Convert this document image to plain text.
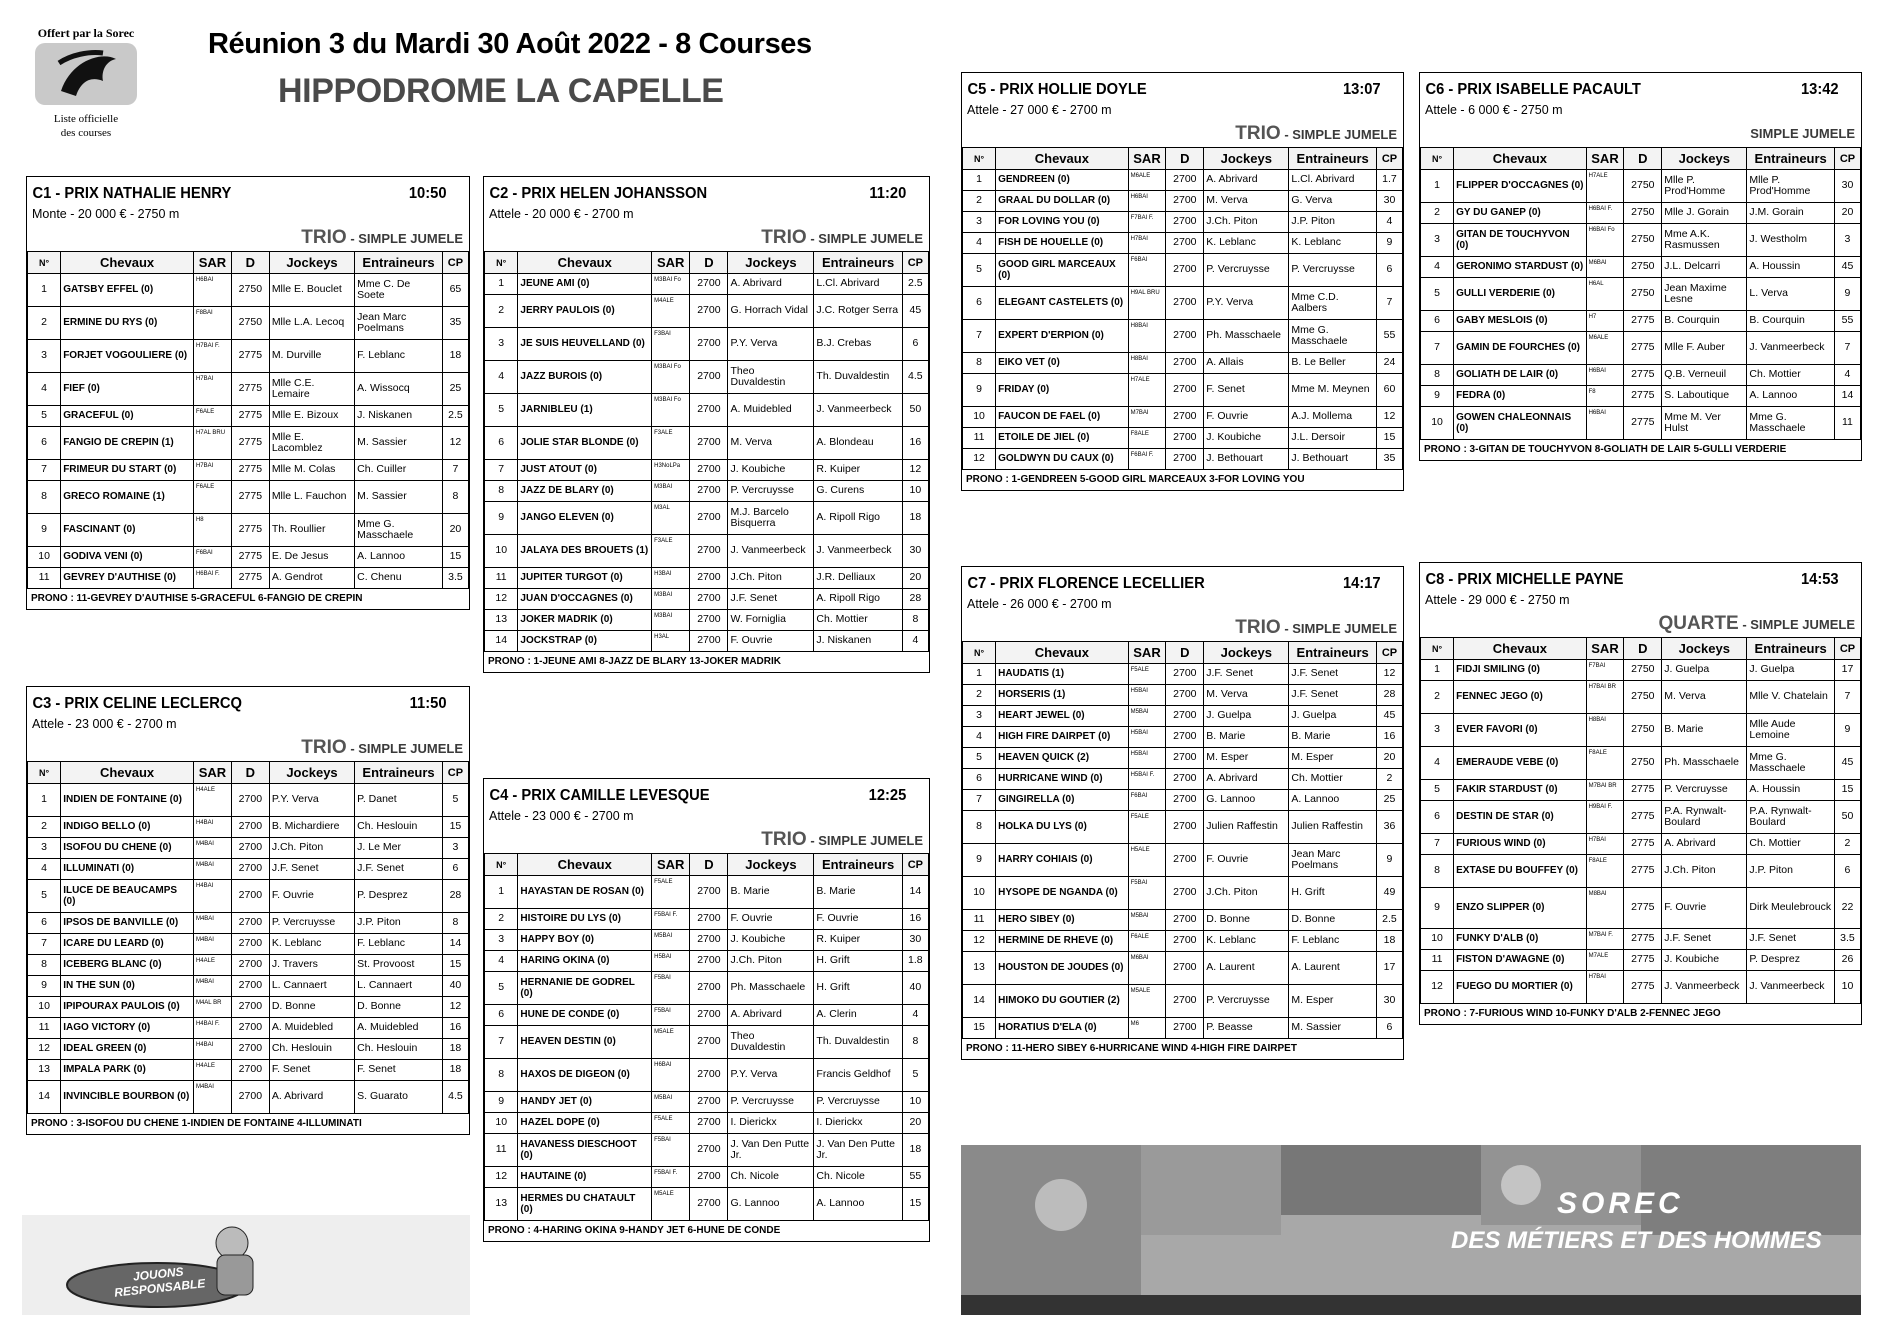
Offert par la Sorec
Liste officielle
des courses
Réunion 3 du Mardi 30 Août 2022 - 8 Courses
HIPPODROME LA CAPELLE
C1 - PRIX NATHALIE HENRY	10:50
Monte - 20 000 € - 2750 m
TRIO - SIMPLE JUMELE
N°	Chevaux	SAR	D	Jockeys	Entraineurs	CP
1	GATSBY EFFEL (0)	H6BAI	2750	Mlle E. Bouclet	Mme C. De Soete	65
2	ERMINE DU RYS (0)	F8BAI	2750	Mlle L.A. Lecoq	Jean Marc Poelmans	35
3	FORJET VOGOULIERE (0)	H7BAI F.	2775	M. Durville	F. Leblanc	18
4	FIEF (0)	H7BAI	2775	Mlle C.E. Lemaire	A. Wissocq	25
5	GRACEFUL (0)	F6ALE	2775	Mlle E. Bizoux	J. Niskanen	2.5
6	FANGIO DE CREPIN (1)	H7AL BRU	2775	Mlle E. Lacomblez	M. Sassier	12
7	FRIMEUR DU START (0)	H7BAI	2775	Mlle M. Colas	Ch. Cuiller	7
8	GRECO ROMAINE (1)	F6ALE	2775	Mlle L. Fauchon	M. Sassier	8
9	FASCINANT (0)	H8	2775	Th. Roullier	Mme G. Masschaele	20
10	GODIVA VENI (0)	F6BAI	2775	E. De Jesus	A. Lannoo	15
11	GEVREY D'AUTHISE (0)	H6BAI F.	2775	A. Gendrot	C. Chenu	3.5
PRONO : 11-GEVREY D'AUTHISE 5-GRACEFUL 6-FANGIO DE CREPIN
C2 - PRIX HELEN JOHANSSON	11:20
Attele - 20 000 € - 2700 m
TRIO - SIMPLE JUMELE
N°	Chevaux	SAR	D	Jockeys	Entraineurs	CP
1	JEUNE AMI (0)	M3BAI Fo	2700	A. Abrivard	L.Cl. Abrivard	2.5
2	JERRY PAULOIS (0)	M4ALE	2700	G. Horrach Vidal	J.C. Rotger Serra	45
3	JE SUIS HEUVELLAND (0)	F3BAI	2700	P.Y. Verva	B.J. Crebas	6
4	JAZZ BUROIS (0)	M3BAI Fo	2700	Theo Duvaldestin	Th. Duvaldestin	4.5
5	JARNIBLEU (1)	M3BAI Fo	2700	A. Muidebled	J. Vanmeerbeck	50
6	JOLIE STAR BLONDE (0)	F3ALE	2700	M. Verva	A. Blondeau	16
7	JUST ATOUT (0)	H3NoLPa	2700	J. Koubiche	R. Kuiper	12
8	JAZZ DE BLARY (0)	M3BAI	2700	P. Vercruysse	G. Curens	10
9	JANGO ELEVEN (0)	M3AL	2700	M.J. Barcelo Bisquerra	A. Ripoll Rigo	18
10	JALAYA DES BROUETS (1)	F3ALE	2700	J. Vanmeerbeck	J. Vanmeerbeck	30
11	JUPITER TURGOT (0)	H3BAI	2700	J.Ch. Piton	J.R. Delliaux	20
12	JUAN D'OCCAGNES (0)	M3BAI	2700	J.F. Senet	A. Ripoll Rigo	28
13	JOKER MADRIK (0)	M3BAI	2700	W. Forniglia	Ch. Mottier	8
14	JOCKSTRAP (0)	H3AL	2700	F. Ouvrie	J. Niskanen	4
PRONO : 1-JEUNE AMI 8-JAZZ DE BLARY 13-JOKER MADRIK
C3 - PRIX CELINE LECLERCQ	11:50
Attele - 23 000 € - 2700 m
TRIO - SIMPLE JUMELE
N°	Chevaux	SAR	D	Jockeys	Entraineurs	CP
1	INDIEN DE FONTAINE (0)	H4ALE	2700	P.Y. Verva	P. Danet	5
2	INDIGO BELLO (0)	H4BAI	2700	B. Michardiere	Ch. Heslouin	15
3	ISOFOU DU CHENE (0)	M4BAI	2700	J.Ch. Piton	J. Le Mer	3
4	ILLUMINATI (0)	M4BAI	2700	J.F. Senet	J.F. Senet	6
5	ILUCE DE BEAUCAMPS (0)	H4BAI	2700	F. Ouvrie	P. Desprez	28
6	IPSOS DE BANVILLE (0)	M4BAI	2700	P. Vercruysse	J.P. Piton	8
7	ICARE DU LEARD (0)	M4BAI	2700	K. Leblanc	F. Leblanc	14
8	ICEBERG BLANC (0)	H4ALE	2700	J. Travers	St. Provoost	15
9	IN THE SUN (0)	M4BAI	2700	L. Cannaert	L. Cannaert	40
10	IPIPOURAX PAULOIS (0)	M4AL BR	2700	D. Bonne	D. Bonne	12
11	IAGO VICTORY (0)	H4BAI F.	2700	A. Muidebled	A. Muidebled	16
12	IDEAL GREEN (0)	H4BAI	2700	Ch. Heslouin	Ch. Heslouin	18
13	IMPALA PARK (0)	H4ALE	2700	F. Senet	F. Senet	18
14	INVINCIBLE BOURBON (0)	M4BAI	2700	A. Abrivard	S. Guarato	4.5
PRONO : 3-ISOFOU DU CHENE 1-INDIEN DE FONTAINE 4-ILLUMINATI
C4 - PRIX CAMILLE LEVESQUE	12:25
Attele - 23 000 € - 2700 m
TRIO - SIMPLE JUMELE
N°	Chevaux	SAR	D	Jockeys	Entraineurs	CP
1	HAYASTAN DE ROSAN (0)	F5ALE	2700	B. Marie	B. Marie	14
2	HISTOIRE DU LYS (0)	F5BAI F.	2700	F. Ouvrie	F. Ouvrie	16
3	HAPPY BOY (0)	M5BAI	2700	J. Koubiche	R. Kuiper	30
4	HARING OKINA (0)	H5BAI	2700	J.Ch. Piton	H. Grift	1.8
5	HERNANIE DE GODREL (0)	F5BAI	2700	Ph. Masschaele	H. Grift	40
6	HUNE DE CONDE (0)	F5BAI	2700	A. Abrivard	A. Clerin	4
7	HEAVEN DESTIN (0)	M5ALE	2700	Theo Duvaldestin	Th. Duvaldestin	8
8	HAXOS DE DIGEON (0)	H6BAI	2700	P.Y. Verva	Francis Geldhof	5
9	HANDY JET (0)	M5BAI	2700	P. Vercruysse	P. Vercruysse	10
10	HAZEL DOPE (0)	F5ALE	2700	I. Dierickx	I. Dierickx	20
11	HAVANESS DIESCHOOT (0)	F5BAI	2700	J. Van Den Putte Jr.	J. Van Den Putte Jr.	18
12	HAUTAINE (0)	F5BAI F.	2700	Ch. Nicole	Ch. Nicole	55
13	HERMES DU CHATAULT (0)	M5ALE	2700	G. Lannoo	A. Lannoo	15
PRONO : 4-HARING OKINA 9-HANDY JET 6-HUNE DE CONDE
C5 - PRIX HOLLIE DOYLE	13:07
Attele - 27 000 € - 2700 m
TRIO - SIMPLE JUMELE
N°	Chevaux	SAR	D	Jockeys	Entraineurs	CP
1	GENDREEN (0)	M6ALE	2700	A. Abrivard	L.Cl. Abrivard	1.7
2	GRAAL DU DOLLAR (0)	H6BAI	2700	M. Verva	G. Verva	30
3	FOR LOVING YOU (0)	F7BAI F.	2700	J.Ch. Piton	J.P. Piton	4
4	FISH DE HOUELLE (0)	H7BAI	2700	K. Leblanc	K. Leblanc	9
5	GOOD GIRL MARCEAUX (0)	F6BAI	2700	P. Vercruysse	P. Vercruysse	6
6	ELEGANT CASTELETS (0)	H9AL BRU	2700	P.Y. Verva	Mme C.D. Aalbers	7
7	EXPERT D'ERPION (0)	H8BAI	2700	Ph. Masschaele	Mme G. Masschaele	55
8	EIKO VET (0)	H8BAI	2700	A. Allais	B. Le Beller	24
9	FRIDAY (0)	H7ALE	2700	F. Senet	Mme M. Meynen	60
10	FAUCON DE FAEL (0)	M7BAI	2700	F. Ouvrie	A.J. Mollema	12
11	ETOILE DE JIEL (0)	F8ALE	2700	J. Koubiche	J.L. Dersoir	15
12	GOLDWYN DU CAUX (0)	F6BAI F.	2700	J. Bethouart	J. Bethouart	35
PRONO : 1-GENDREEN 5-GOOD GIRL MARCEAUX 3-FOR LOVING YOU
C6 - PRIX ISABELLE PACAULT	13:42
Attele - 6 000 € - 2750 m
SIMPLE JUMELE
N°	Chevaux	SAR	D	Jockeys	Entraineurs	CP
1	FLIPPER D'OCCAGNES (0)	H7ALE	2750	Mlle P. Prod'Homme	Mlle P. Prod'Homme	30
2	GY DU GANEP (0)	H6BAI F.	2750	Mlle J. Gorain	J.M. Gorain	20
3	GITAN DE TOUCHYVON (0)	H6BAI Fo	2750	Mme A.K. Rasmussen	J. Westholm	3
4	GERONIMO STARDUST (0)	M6BAI	2750	J.L. Delcarri	A. Houssin	45
5	GULLI VERDERIE (0)	H6AL	2750	Jean Maxime Lesne	L. Verva	9
6	GABY MESLOIS (0)	H7	2775	B. Courquin	B. Courquin	55
7	GAMIN DE FOURCHES (0)	M6ALE	2775	Mlle F. Auber	J. Vanmeerbeck	7
8	GOLIATH DE LAIR (0)	H6BAI	2775	Q.B. Verneuil	Ch. Mottier	4
9	FEDRA (0)	F8	2775	S. Laboutique	A. Lannoo	14
10	GOWEN CHALEONNAIS (0)	H6BAI	2775	Mme M. Ver Hulst	Mme G. Masschaele	11
PRONO : 3-GITAN DE TOUCHYVON 8-GOLIATH DE LAIR 5-GULLI VERDERIE
C7 - PRIX FLORENCE LECELLIER	14:17
Attele - 26 000 € - 2700 m
TRIO - SIMPLE JUMELE
N°	Chevaux	SAR	D	Jockeys	Entraineurs	CP
1	HAUDATIS (1)	F5ALE	2700	J.F. Senet	J.F. Senet	12
2	HORSERIS (1)	H5BAI	2700	M. Verva	J.F. Senet	28
3	HEART JEWEL (0)	M5BAI	2700	J. Guelpa	J. Guelpa	45
4	HIGH FIRE DAIRPET (0)	H5BAI	2700	B. Marie	B. Marie	16
5	HEAVEN QUICK (2)	H5BAI	2700	M. Esper	M. Esper	20
6	HURRICANE WIND (0)	H5BAI F.	2700	A. Abrivard	Ch. Mottier	2
7	GINGIRELLA (0)	F6BAI	2700	G. Lannoo	A. Lannoo	25
8	HOLKA DU LYS (0)	F5ALE	2700	Julien Raffestin	Julien Raffestin	36
9	HARRY COHIAIS (0)	H5ALE	2700	F. Ouvrie	Jean Marc Poelmans	9
10	HYSOPE DE NGANDA (0)	F5BAI	2700	J.Ch. Piton	H. Grift	49
11	HERO SIBEY (0)	M5BAI	2700	D. Bonne	D. Bonne	2.5
12	HERMINE DE RHEVE (0)	F6ALE	2700	K. Leblanc	F. Leblanc	18
13	HOUSTON DE JOUDES (0)	M6BAI	2700	A. Laurent	A. Laurent	17
14	HIMOKO DU GOUTIER (2)	M5ALE	2700	P. Vercruysse	M. Esper	30
15	HORATIUS D'ELA (0)	M6	2700	P. Beasse	M. Sassier	6
PRONO : 11-HERO SIBEY 6-HURRICANE WIND 4-HIGH FIRE DAIRPET
C8 - PRIX MICHELLE PAYNE	14:53
Attele - 29 000 € - 2750 m
QUARTE - SIMPLE JUMELE
N°	Chevaux	SAR	D	Jockeys	Entraineurs	CP
1	FIDJI SMILING (0)	F7BAI	2750	J. Guelpa	J. Guelpa	17
2	FENNEC JEGO (0)	H7BAI BR	2750	M. Verva	Mlle V. Chatelain	7
3	EVER FAVORI (0)	H8BAI	2750	B. Marie	Mlle Aude Lemoine	9
4	EMERAUDE VEBE (0)	F8ALE	2750	Ph. Masschaele	Mme G. Masschaele	45
5	FAKIR STARDUST (0)	M7BAI BR	2775	P. Vercruysse	A. Houssin	15
6	DESTIN DE STAR (0)	H9BAI F.	2775	P.A. Rynwalt-Boulard	P.A. Rynwalt-Boulard	50
7	FURIOUS WIND (0)	H7BAI	2775	A. Abrivard	Ch. Mottier	2
8	EXTASE DU BOUFFEY (0)	F8ALE	2775	J.Ch. Piton	J.P. Piton	6
9	ENZO SLIPPER (0)	M8BAI	2775	F. Ouvrie	Dirk Meulebrouck	22
10	FUNKY D'ALB (0)	M7BAI F.	2775	J.F. Senet	J.F. Senet	3.5
11	FISTON D'AWAGNE (0)	M7ALE	2775	J. Koubiche	P. Desprez	26
12	FUEGO DU MORTIER (0)	H7BAI	2775	J. Vanmeerbeck	J. Vanmeerbeck	10
PRONO : 7-FURIOUS WIND 10-FUNKY D'ALB 2-FENNEC JEGO
JOUONS RESPONSABLE
SOREC
DES MÉTIERS ET DES HOMMES
